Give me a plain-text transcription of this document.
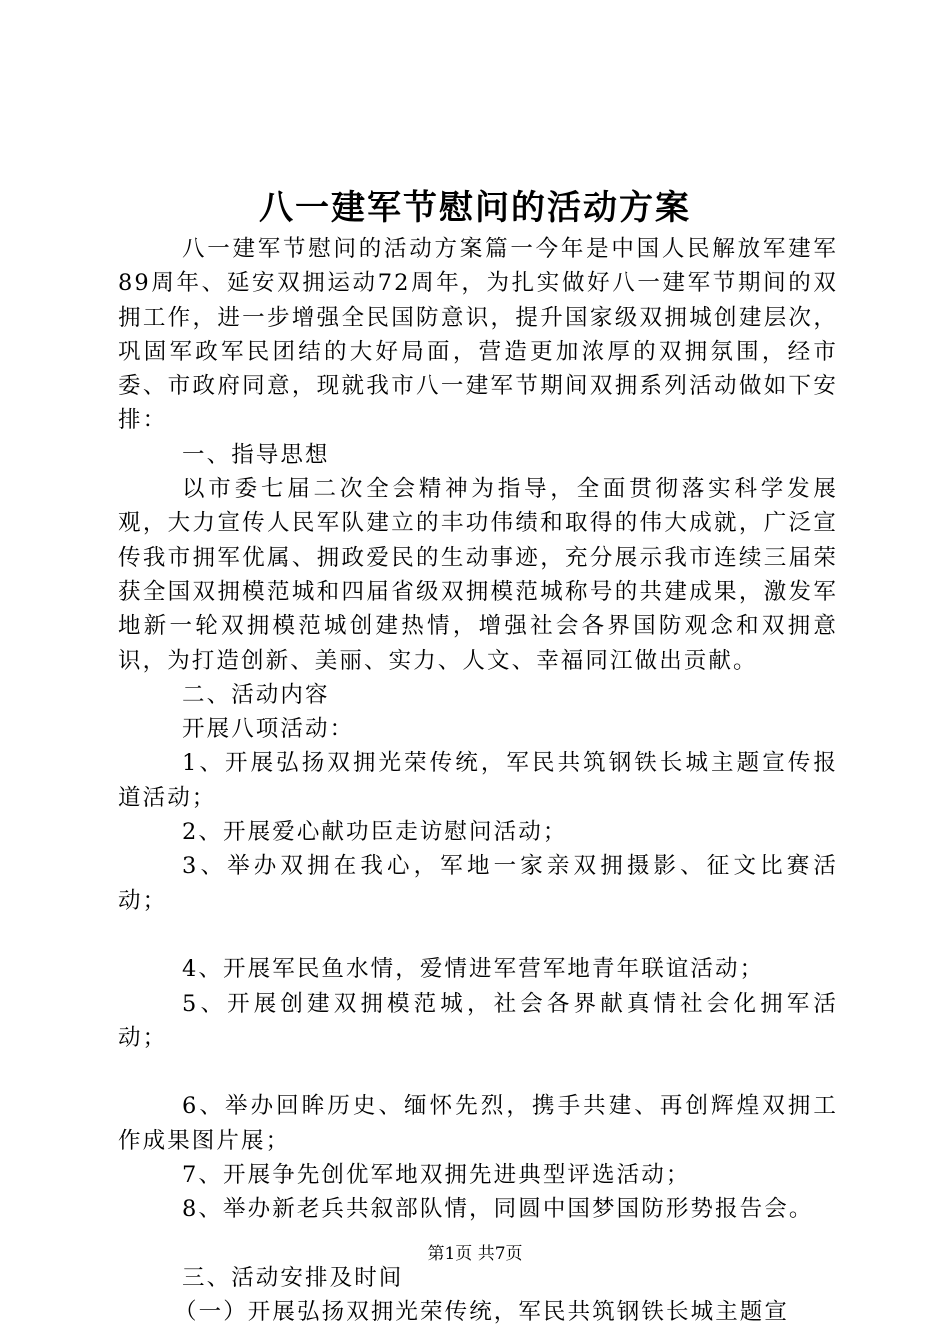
八一建军节慰问的活动方案

八一建军节慰问的活动方案篇一今年是中国人民解放军建军89周年、延安双拥运动72周年，为扎实做好八一建军节期间的双拥工作，进一步增强全民国防意识，提升国家级双拥城创建层次，巩固军政军民团结的大好局面，营造更加浓厚的双拥氛围，经市委、市政府同意，现就我市八一建军节期间双拥系列活动做如下安排：

一、指导思想

以市委七届二次全会精神为指导，全面贯彻落实科学发展观，大力宣传人民军队建立的丰功伟绩和取得的伟大成就，广泛宣传我市拥军优属、拥政爱民的生动事迹，充分展示我市连续三届荣获全国双拥模范城和四届省级双拥模范城称号的共建成果，激发军地新一轮双拥模范城创建热情，增强社会各界国防观念和双拥意识，为打造创新、美丽、实力、人文、幸福同江做出贡献。

二、活动内容

开展八项活动：

1、开展弘扬双拥光荣传统，军民共筑钢铁长城主题宣传报道活动；

2、开展爱心献功臣走访慰问活动；

3、举办双拥在我心，军地一家亲双拥摄影、征文比赛活动；

4、开展军民鱼水情，爱情进军营军地青年联谊活动；

5、开展创建双拥模范城，社会各界献真情社会化拥军活动；

6、举办回眸历史、缅怀先烈，携手共建、再创辉煌双拥工作成果图片展；

7、开展争先创优军地双拥先进典型评选活动；

8、举办新老兵共叙部队情，同圆中国梦国防形势报告会。

三、活动安排及时间

（一）开展弘扬双拥光荣传统，军民共筑钢铁长城主题宣

第1页 共7页
